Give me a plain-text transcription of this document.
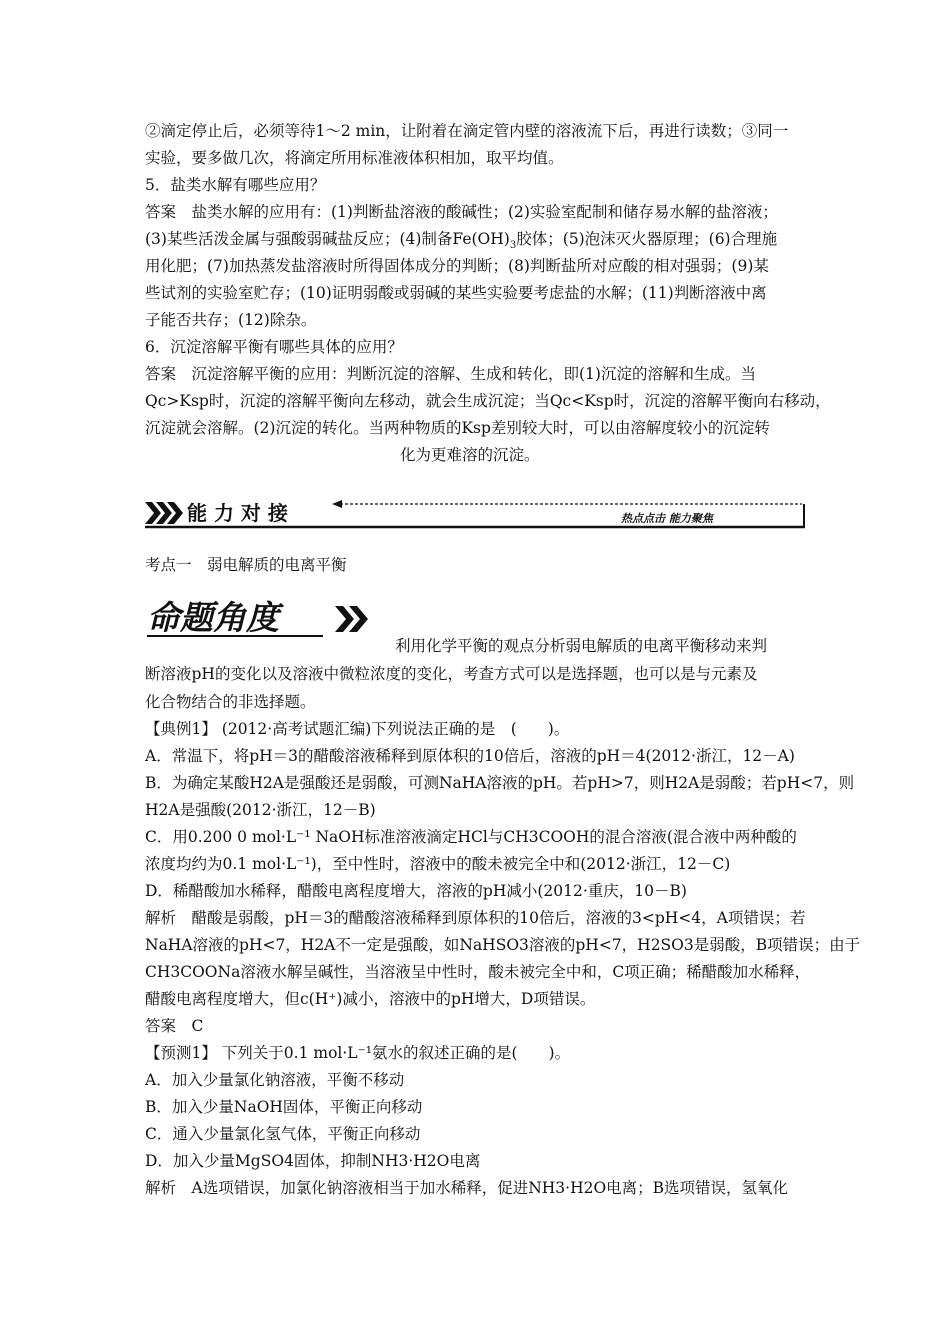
②滴定停止后，必须等待1～2 min，让附着在滴定管内壁的溶液流下后，再进行读数；③同一

实验，要多做几次，将滴定所用标准液体积相加，取平均值。

5．盐类水解有哪些应用？

答案　盐类水解的应用有：(1)判断盐溶液的酸碱性；(2)实验室配制和储存易水解的盐溶液；

(3)某些活泼金属与强酸弱碱盐反应；(4)制备$Fe(OH)_3$胶体；(5)泡沫灭火器原理；(6)合理施

用化肥；(7)加热蒸发盐溶液时所得固体成分的判断；(8)判断盐所对应酸的相对强弱；(9)某

些试剂的实验室贮存；(10)证明弱酸或弱碱的某些实验要考虑盐的水解；(11)判断溶液中离

子能否共存；(12)除杂。

6．沉淀溶解平衡有哪些具体的应用？

答案　沉淀溶解平衡的应用：判断沉淀的溶解、生成和转化，即(1)沉淀的溶解和生成。当

Qc>Ksp时，沉淀的溶解平衡向左移动，就会生成沉淀；当Qc<Ksp时，沉淀的溶解平衡向右移动，

沉淀就会溶解。(2)沉淀的转化。当两种物质的Ksp差别较大时，可以由溶解度较小的沉淀转

化为更难溶的沉淀。

能 力 对 接	热点点击 能力聚焦
考点一　弱电解质的电离平衡
命题角度

利用化学平衡的观点分析弱电解质的电离平衡移动来判

断溶液pH的变化以及溶液中微粒浓度的变化，考查方式可以是选择题，也可以是与元素及

化合物结合的非选择题。

【典例1】 (2012·高考试题汇编)下列说法正确的是　(　　)。

A．常温下，将pH＝3的醋酸溶液稀释到原体积的10倍后，溶液的pH＝4(2012·浙江，12－A)

B．为确定某酸H2A是强酸还是弱酸，可测NaHA溶液的pH。若pH>7，则H2A是弱酸；若pH<7，则

H2A是强酸(2012·浙江，12－B)

C．用0.200 0 mol·L⁻¹ NaOH标准溶液滴定HCl与CH3COOH的混合溶液(混合液中两种酸的

浓度均约为0.1 mol·L⁻¹)，至中性时，溶液中的酸未被完全中和(2012·浙江，12－C)

D．稀醋酸加水稀释，醋酸电离程度增大，溶液的pH减小(2012·重庆，10－B)

解析　醋酸是弱酸，pH＝3的醋酸溶液稀释到原体积的10倍后，溶液的3<pH<4，A项错误；若

NaHA溶液的pH<7，H2A不一定是强酸，如NaHSO3溶液的pH<7，H2SO3是弱酸，B项错误；由于

CH3COONa溶液水解呈碱性，当溶液呈中性时，酸未被完全中和，C项正确；稀醋酸加水稀释，

醋酸电离程度增大，但c(H⁺)减小，溶液中的pH增大，D项错误。

答案　C

【预测1】 下列关于0.1 mol·L⁻¹氨水的叙述正确的是(　　)。

A．加入少量氯化钠溶液，平衡不移动

B．加入少量NaOH固体，平衡正向移动

C．通入少量氯化氢气体，平衡正向移动

D．加入少量MgSO4固体，抑制NH3·H2O电离

解析　A选项错误，加氯化钠溶液相当于加水稀释，促进NH3·H2O电离；B选项错误，氢氧化
